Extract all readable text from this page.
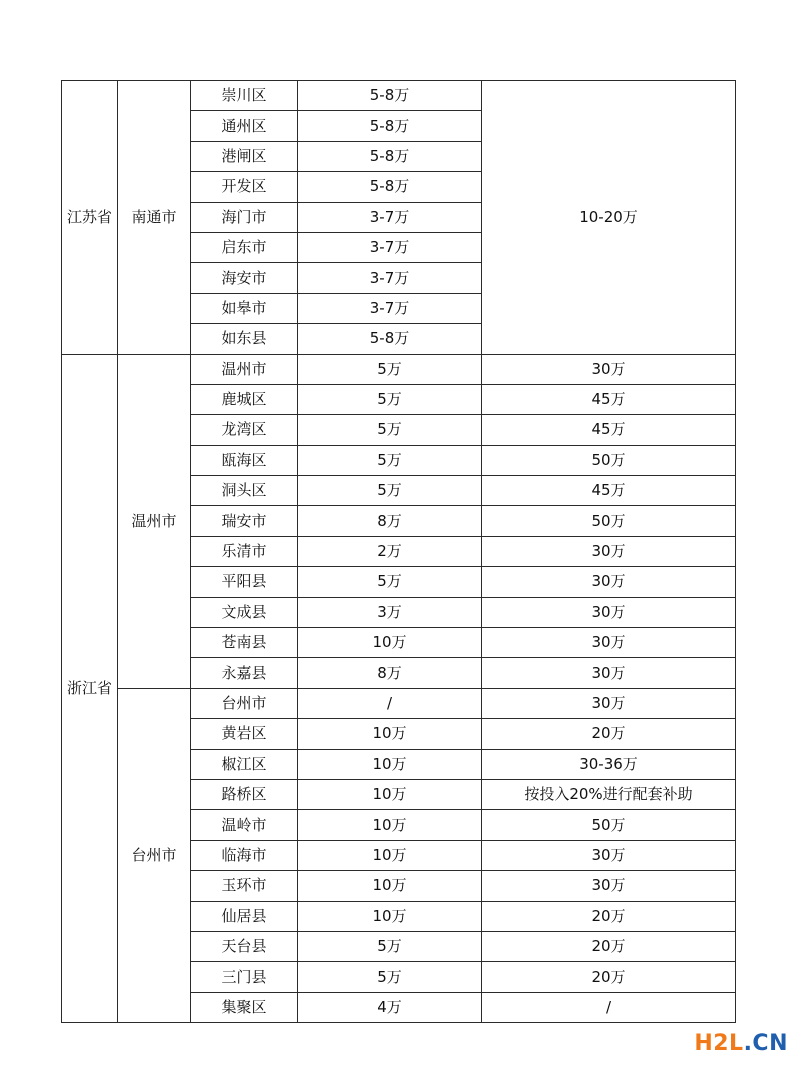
江苏省	南通市	崇川区	5-8万	10-20万
		通州区	5-8万	
		港闸区	5-8万	
		开发区	5-8万	
		海门市	3-7万	
		启东市	3-7万	
		海安市	3-7万	
		如皋市	3-7万	
		如东县	5-8万	
浙江省	温州市	温州市	5万	30万
		鹿城区	5万	45万
		龙湾区	5万	45万
		瓯海区	5万	50万
		洞头区	5万	45万
		瑞安市	8万	50万
		乐清市	2万	30万
		平阳县	5万	30万
		文成县	3万	30万
		苍南县	10万	30万
		永嘉县	8万	30万
	台州市	台州市	/	30万
		黄岩区	10万	20万
		椒江区	10万	30-36万
		路桥区	10万	按投入20%进行配套补助
		温岭市	10万	50万
		临海市	10万	30万
		玉环市	10万	30万
		仙居县	10万	20万
		天台县	5万	20万
		三门县	5万	20万
		集聚区	4万	/
H2L .CN
